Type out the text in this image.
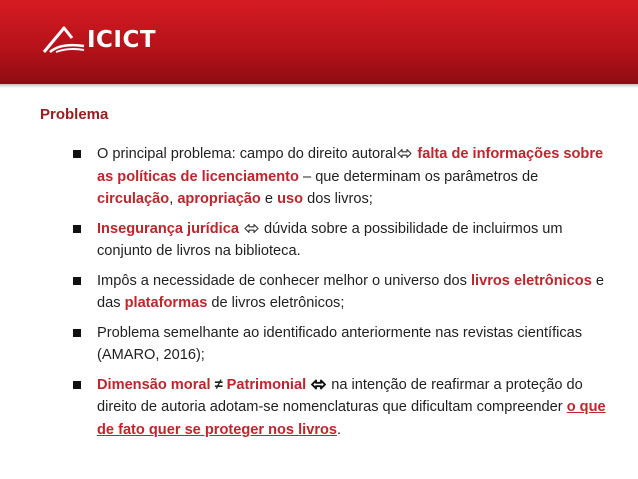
ICICT
Problema
O principal problema: campo do direito autoral falta de informações sobre as políticas de licenciamento – que determinam os parâmetros de circulação, apropriação e uso dos livros;
Insegurança jurídica  dúvida sobre a possibilidade de incluirmos um conjunto de livros na biblioteca.
Impôs a necessidade de conhecer melhor o universo dos livros eletrônicos e das plataformas de livros eletrônicos;
Problema semelhante ao identificado anteriormente nas revistas científicas (AMARO, 2016);
Dimensão moral ≠ Patrimonial  na intenção de reafirmar a proteção do direito de autoria adotam-se nomenclaturas que dificultam compreender o que de fato quer se proteger nos livros.
